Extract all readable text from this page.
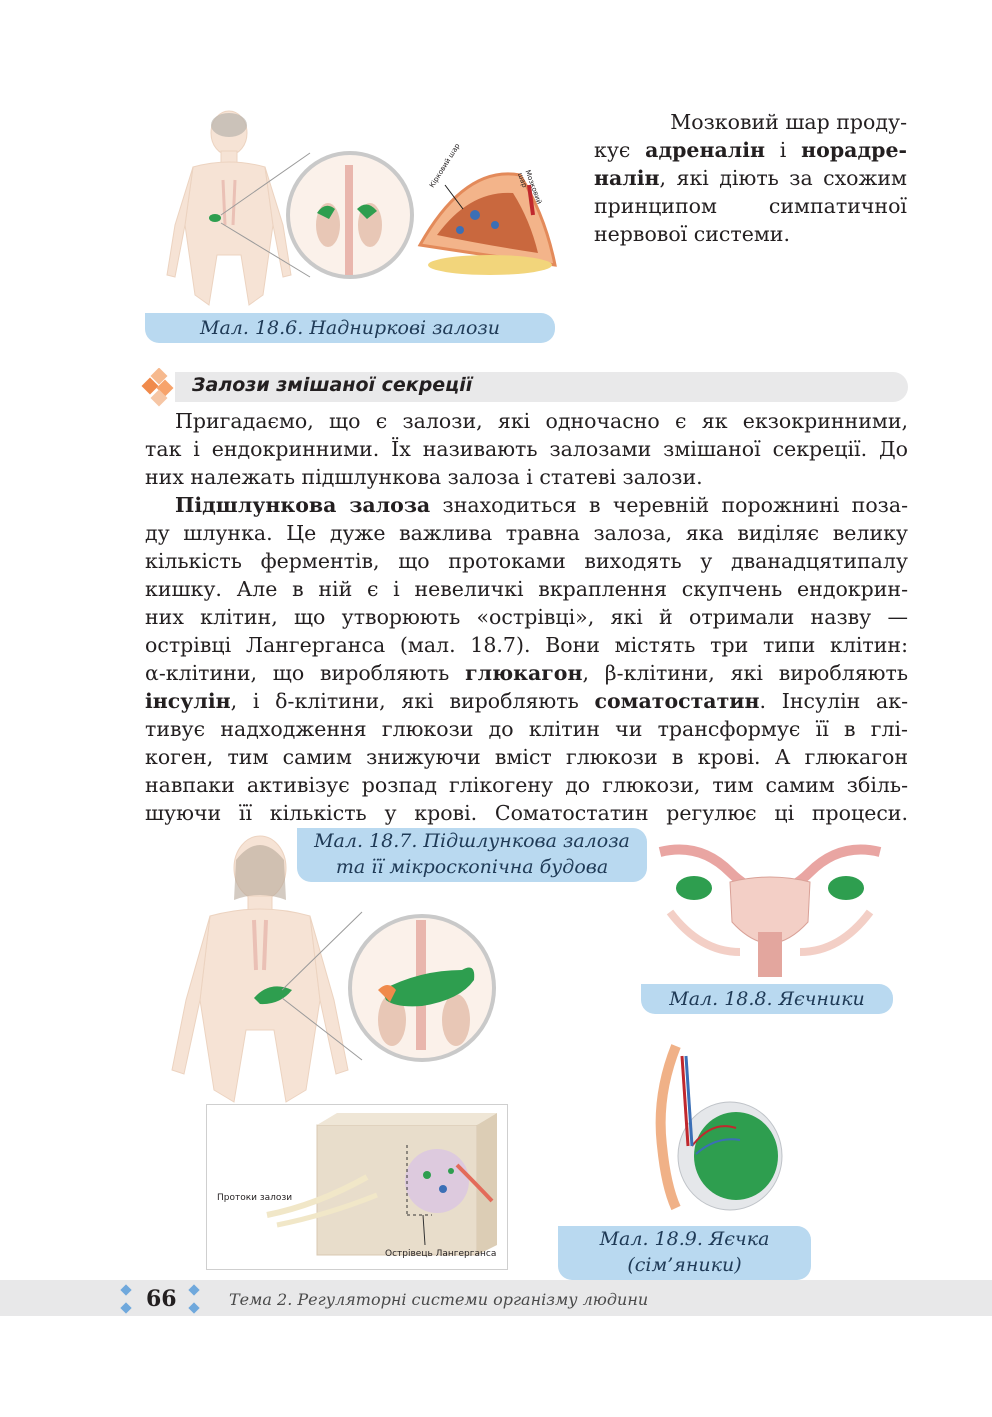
Кірковий шар	Мозковий шар
Мал. 18.6. Надниркові залози
Мозковий шар проду-
кує адреналін і норадре-
налін, які діють за схожим
принципом симпатичної
нервової системи.
Залози змішаної секреції
Пригадаємо, що є залози, які одночасно є як екзокринними,
так і ендокринними. Їх називають залозами змішаної секреції. До
них належать підшлункова залоза і статеві залози.
Підшлункова залоза знаходиться в черевній порожнині поза-
ду шлунка. Це дуже важлива травна залоза, яка виділяє велику
кількість ферментів, що протоками виходять у дванадцятипалу
кишку. Але в ній є і невеличкі вкраплення скупчень ендокрин-
них клітин, що утворюють «острівці», які й отримали назву —
острівці Лангерганса (мал. 18.7). Вони містять три типи клітин:
α-клітини, що виробляють глюкагон, β-клітини, які виробляють
інсулін, і δ-клітини, які виробляють соматостатин. Інсулін ак-
тивує надходження глюкози до клітин чи трансформує її в глі-
коген, тим самим знижуючи вміст глюкози в крові. А глюкагон
навпаки активізує розпад глікогену до глюкози, тим самим збіль-
шуючи її кількість у крові. Соматостатин регулює ці процеси.
Мал. 18.7. Підшлункова залоза
та її мікроскопічна будова
Протоки залози
Острівець Лангерганса
Мал. 18.8. Яєчники
Мал. 18.9. Яєчка
(сім’яники)
66	Тема 2. Регуляторні системи організму людини
